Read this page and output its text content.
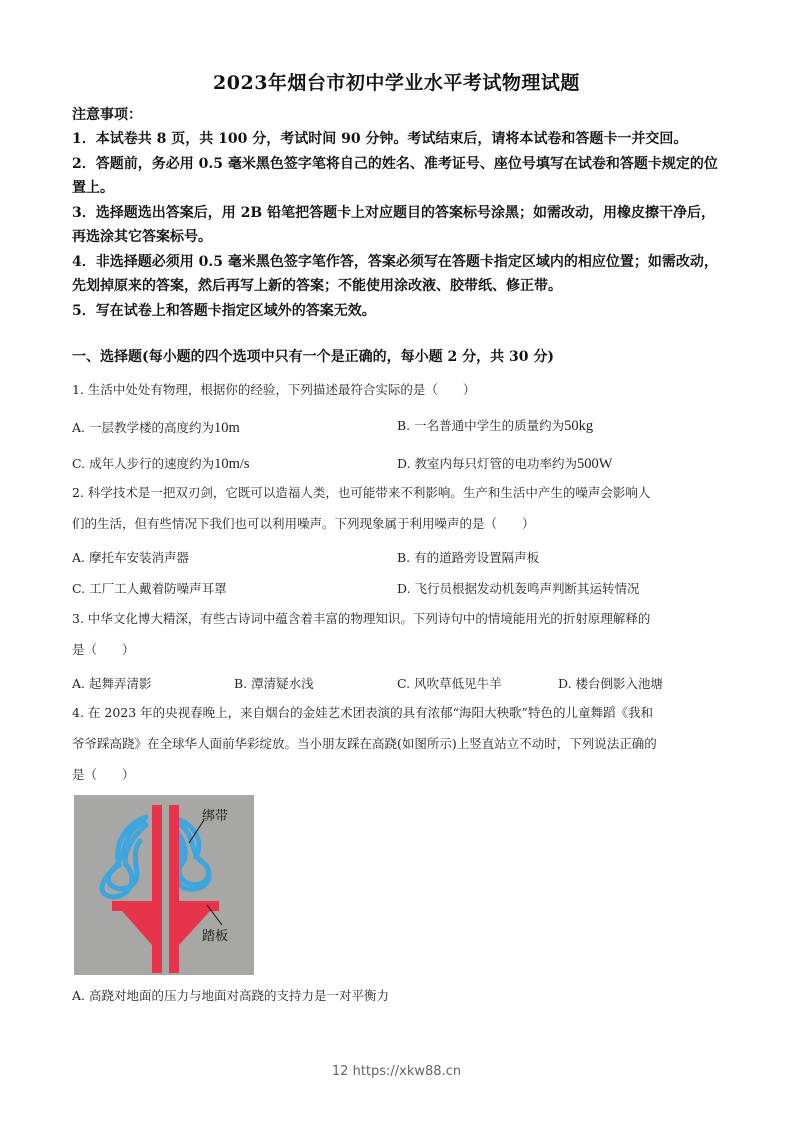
2023年烟台市初中学业水平考试物理试题
注意事项：
1．本试卷共 8 页，共 100 分，考试时间 90 分钟。考试结束后，请将本试卷和答题卡一并交回。
2．答题前，务必用 0.5 毫米黑色签字笔将自己的姓名、准考证号、座位号填写在试卷和答题卡规定的位置上。
3．选择题选出答案后，用 2B 铅笔把答题卡上对应题目的答案标号涂黑；如需改动，用橡皮擦干净后，再选涂其它答案标号。
4．非选择题必须用 0.5 毫米黑色签字笔作答，答案必须写在答题卡指定区域内的相应位置；如需改动，先划掉原来的答案，然后再写上新的答案；不能使用涂改液、胶带纸、修正带。
5．写在试卷上和答题卡指定区域外的答案无效。
一、选择题(每小题的四个选项中只有一个是正确的，每小题 2 分，共 30 分)
1. 生活中处处有物理，根据你的经验，下列描述最符合实际的是（　　）
A. 一层教学楼的高度约为10m	B. 一名普通中学生的质量约为50kg
C. 成年人步行的速度约为10m/s	D. 教室内每只灯管的电功率约为500W
2. 科学技术是一把双刃剑，它既可以造福人类，也可能带来不利影响。生产和生活中产生的噪声会影响人
们的生活，但有些情况下我们也可以利用噪声。下列现象属于利用噪声的是（　　）
A. 摩托车安装消声器	B. 有的道路旁设置隔声板
C. 工厂工人戴着防噪声耳罩	D. 飞行员根据发动机轰鸣声判断其运转情况
3. 中华文化博大精深，有些古诗词中蕴含着丰富的物理知识。下列诗句中的情境能用光的折射原理解释的
是（　　）
A. 起舞弄清影	B. 潭清疑水浅	C. 风吹草低见牛羊	D. 楼台倒影入池塘
4. 在 2023 年的央视春晚上，来自烟台的金娃艺术团表演的具有浓郁“海阳大秧歌”特色的儿童舞蹈《我和
爷爷踩高跷》在全球华人面前华彩绽放。当小朋友踩在高跷(如图所示)上竖直站立不动时，下列说法正确的
是（　　）
绑带
踏板
A. 高跷对地面的压力与地面对高跷的支持力是一对平衡力
12 https://xkw88.cn
